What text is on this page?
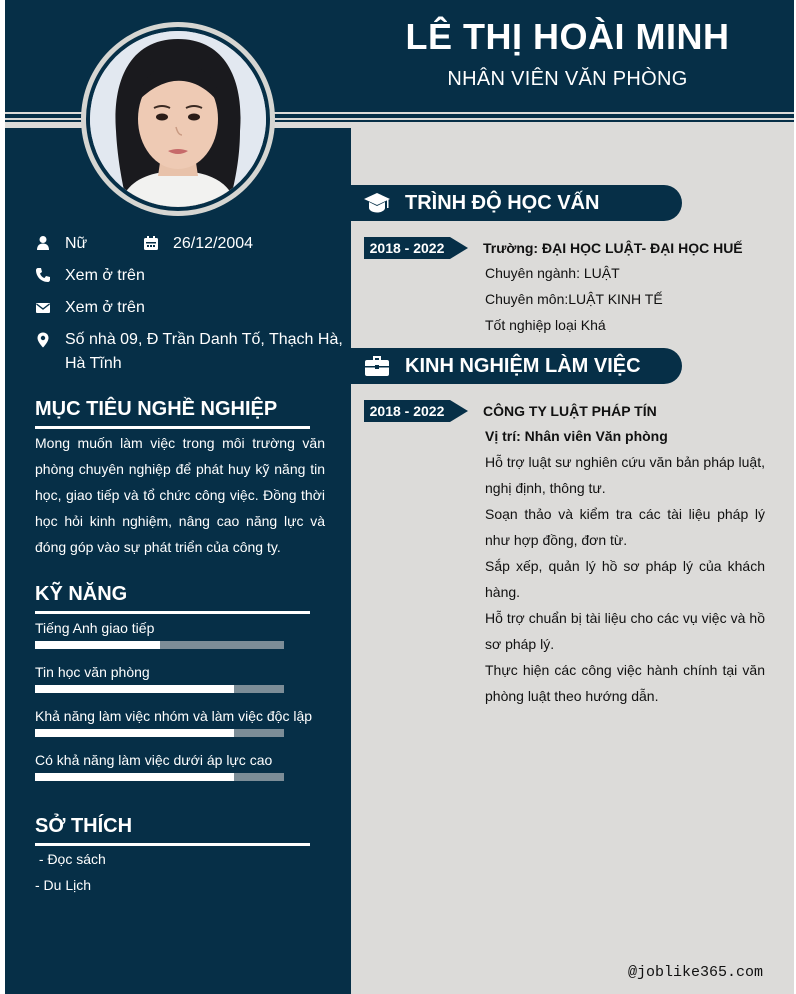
LÊ THỊ HOÀI MINH
NHÂN VIÊN VĂN PHÒNG
Nữ	26/12/2004
Xem ở trên
Xem ở trên
Số nhà 09, Đ Trần Danh Tố, Thạch Hà,
Hà Tĩnh
MỤC TIÊU NGHỀ NGHIỆP
Mong muốn làm việc trong môi trường văn phòng chuyên nghiệp để phát huy kỹ năng tin học, giao tiếp và tổ chức công việc. Đồng thời học hỏi kinh nghiệm, nâng cao năng lực và đóng góp vào sự phát triển của công ty.
KỸ NĂNG
Tiếng Anh giao tiếp
Tin học văn phòng
Khả năng làm việc nhóm và làm việc độc lập
Có khả năng làm việc dưới áp lực cao
SỞ THÍCH
- Đọc sách
- Du Lịch
TRÌNH ĐỘ HỌC VẤN
2018 - 2022	Trường: ĐẠI HỌC LUẬT- ĐẠI HỌC HUẾ
Chuyên ngành: LUẬT
Chuyên môn:LUẬT KINH TẾ
Tốt nghiệp loại Khá
KINH NGHIỆM LÀM VIỆC
2018 - 2022	CÔNG TY LUẬT PHÁP TÍN
Vị trí: Nhân viên Văn phòng
Hỗ trợ luật sư nghiên cứu văn bản pháp luật, nghị định, thông tư.
Soạn thảo và kiểm tra các tài liệu pháp lý như hợp đồng, đơn từ.
Sắp xếp, quản lý hồ sơ pháp lý của khách hàng.
Hỗ trợ chuẩn bị tài liệu cho các vụ việc và hồ sơ pháp lý.
Thực hiện các công việc hành chính tại văn phòng luật theo hướng dẫn.
@joblike365.com
